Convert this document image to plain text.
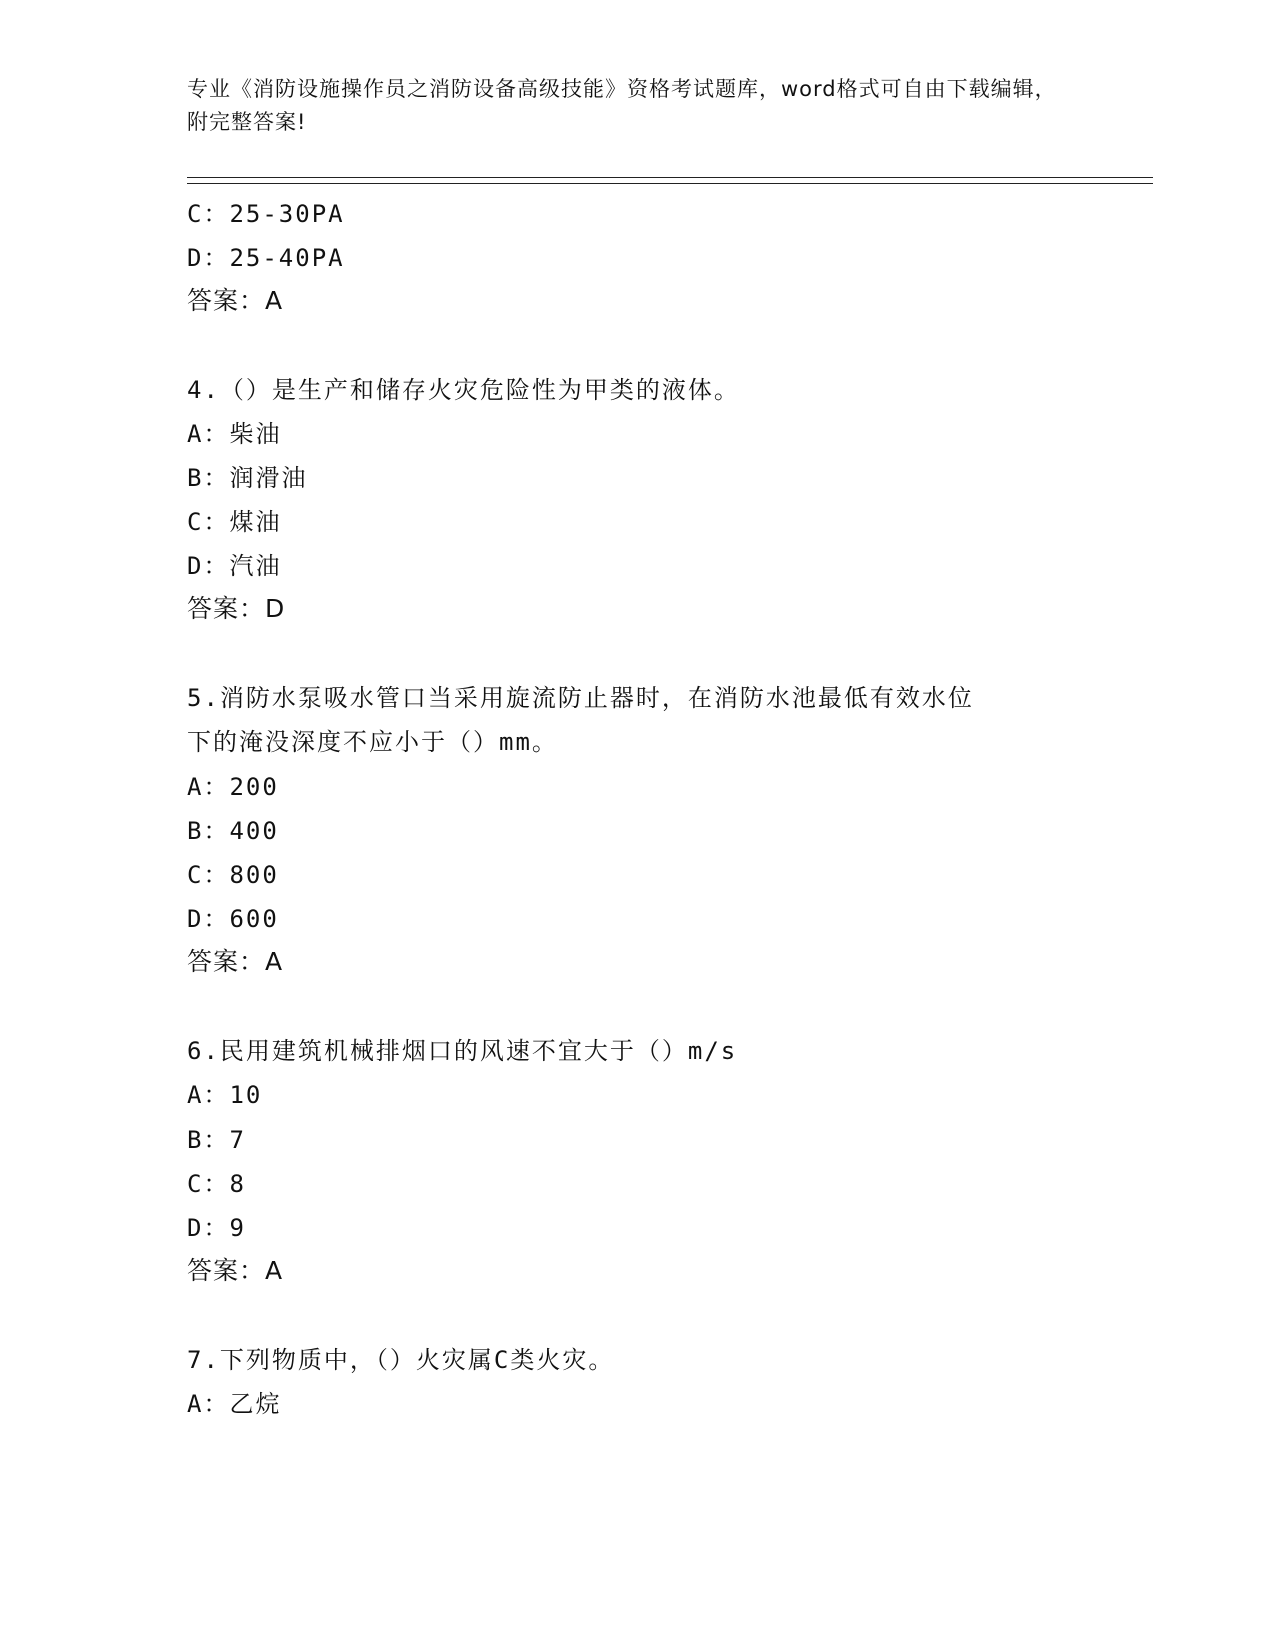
专业《消防设施操作员之消防设备高级技能》资格考试题库，word格式可自由下载编辑，附完整答案!
C：25-30PA
D：25-40PA
答案：A
4.（）是生产和储存火灾危险性为甲类的液体。
A：柴油
B：润滑油
C：煤油
D：汽油
答案：D
5.消防水泵吸水管口当采用旋流防止器时，在消防水池最低有效水位
下的淹没深度不应小于（）mm。
A：200
B：400
C：800
D：600
答案：A
6.民用建筑机械排烟口的风速不宜大于（）m/s
A：10
B：7
C：8
D：9
答案：A
7.下列物质中，（）火灾属C类火灾。
A：乙烷
